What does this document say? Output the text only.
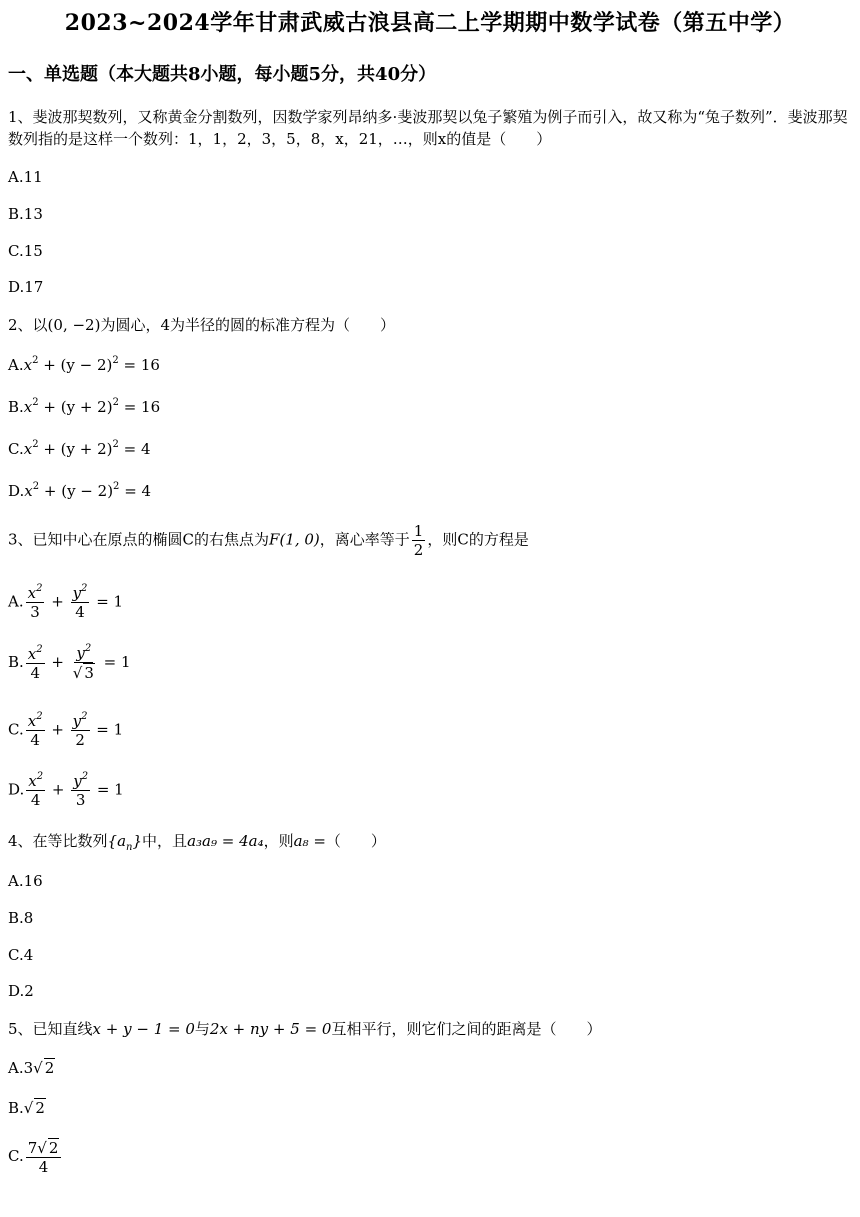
2023~2024学年甘肃武威古浪县高二上学期期中数学试卷（第五中学）
一、单选题（本大题共8小题，每小题5分，共40分）
1、斐波那契数列，又称黄金分割数列，因数学家列昂纳多·斐波那契以兔子繁殖为例子而引入，故又称为“兔子数列”．斐波那契数列指的是这样一个数列：1，1，2，3，5，8，x，21，…，则x的值是（　　）
A.11
B.13
C.15
D.17
2、以(0, −2)为圆心，4为半径的圆的标准方程为（　　）
$A.x^2 + (y - 2)^2 = 16$
$B.x^2 + (y + 2)^2 = 16$
$C.x^2 + (y + 2)^2 = 4$
$D.x^2 + (y - 2)^2 = 4$
3、已知中心在原点的椭圆C的右焦点为F(1, 0)，离心率等于 $\frac{1}{2}$ ，则C的方程是
A. $\frac{x^2}{3} + \frac{y^2}{4} = 1$
B. $\frac{x^2}{4} + \frac{y^2}{√ 3} = 1$
C. $\frac{x^2}{4} + \frac{y^2}{2} = 1$
D. $\frac{x^2}{4} + \frac{y^2}{3} = 1$
4、在等比数列$\{a_n\}$中，且a₃a₉ = 4a₄，则a₈ =（　　）
A.16
B.8
C.4
D.2
5、已知直线x + y − 1 = 0与2x + ny + 5 = 0互相平行，则它们之间的距离是（　　）
A.3√ 2
B.√ 2
C. $\frac{7√ 2}{4}$
